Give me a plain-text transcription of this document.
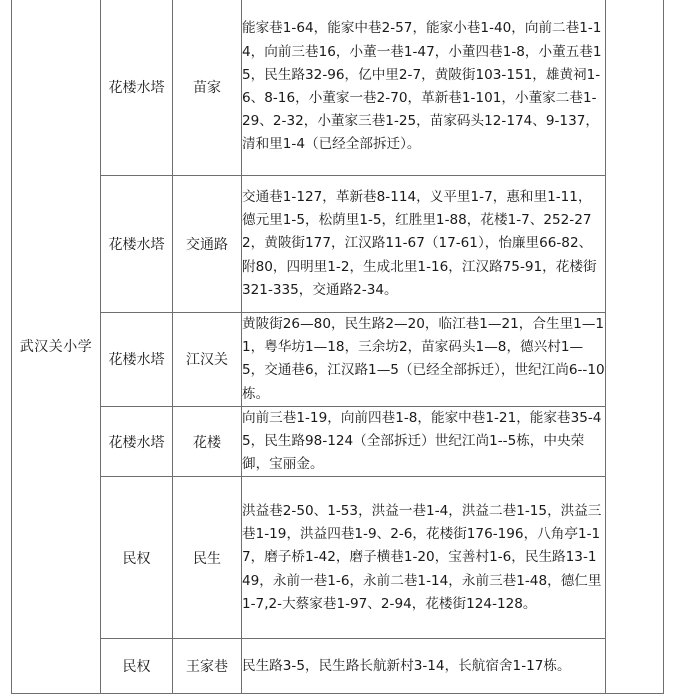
武汉关小学	花楼水塔	苗家	能家巷1-64，能家中巷2-57，能家小巷1-40，向前二巷1-14，向前三巷16，小董一巷1-47，小董四巷1-8，小董五巷15，民生路32-96，亿中里2-7，黄陂街103-151，雄黄祠1-6、8-16，小董家一巷2-70，革新巷1-101，小董家二巷1-29、2-32，小董家三巷1-25，苗家码头12-174、9-137，清和里1-4（已经全部拆迁）。	
	花楼水塔	交通路	交通巷1-127，革新巷8-114，义平里1-7，惠和里1-11，德元里1-5，松荫里1-5，红胜里1-88，花楼1-7、252-272，黄陂街177，江汉路11-67（17-61），怡廉里66-82、附80，四明里1-2，生成北里1-16，江汉路75-91，花楼街321-335，交通路2-34。	
	花楼水塔	江汉关	黄陂街26—80，民生路2—20，临江巷1—21，合生里1—11，粤华坊1—18，三余坊2，苗家码头1—8，德兴村1—5，交通巷6，江汉路1—5（已经全部拆迁），世纪江尚6--10栋。	
	花楼水塔	花楼	向前三巷1-19，向前四巷1-8，能家中巷1-21，能家巷35-45，民生路98-124（全部拆迁）世纪江尚1--5栋，中央荣御，宝丽金。	
	民权	民生	洪益巷2-50、1-53，洪益一巷1-4，洪益二巷1-15，洪益三巷1-19，洪益四巷1-9、2-6，花楼街176-196，八角亭1-17，磨子桥1-42，磨子横巷1-20，宝善村1-6，民生路13-149，永前一巷1-6，永前二巷1-14，永前三巷1-48，德仁里1-7,2-大蔡家巷1-97、2-94，花楼街124-128。	
	民权	王家巷	民生路3-5，民生路长航新村3-14，长航宿舍1-17栋。	
